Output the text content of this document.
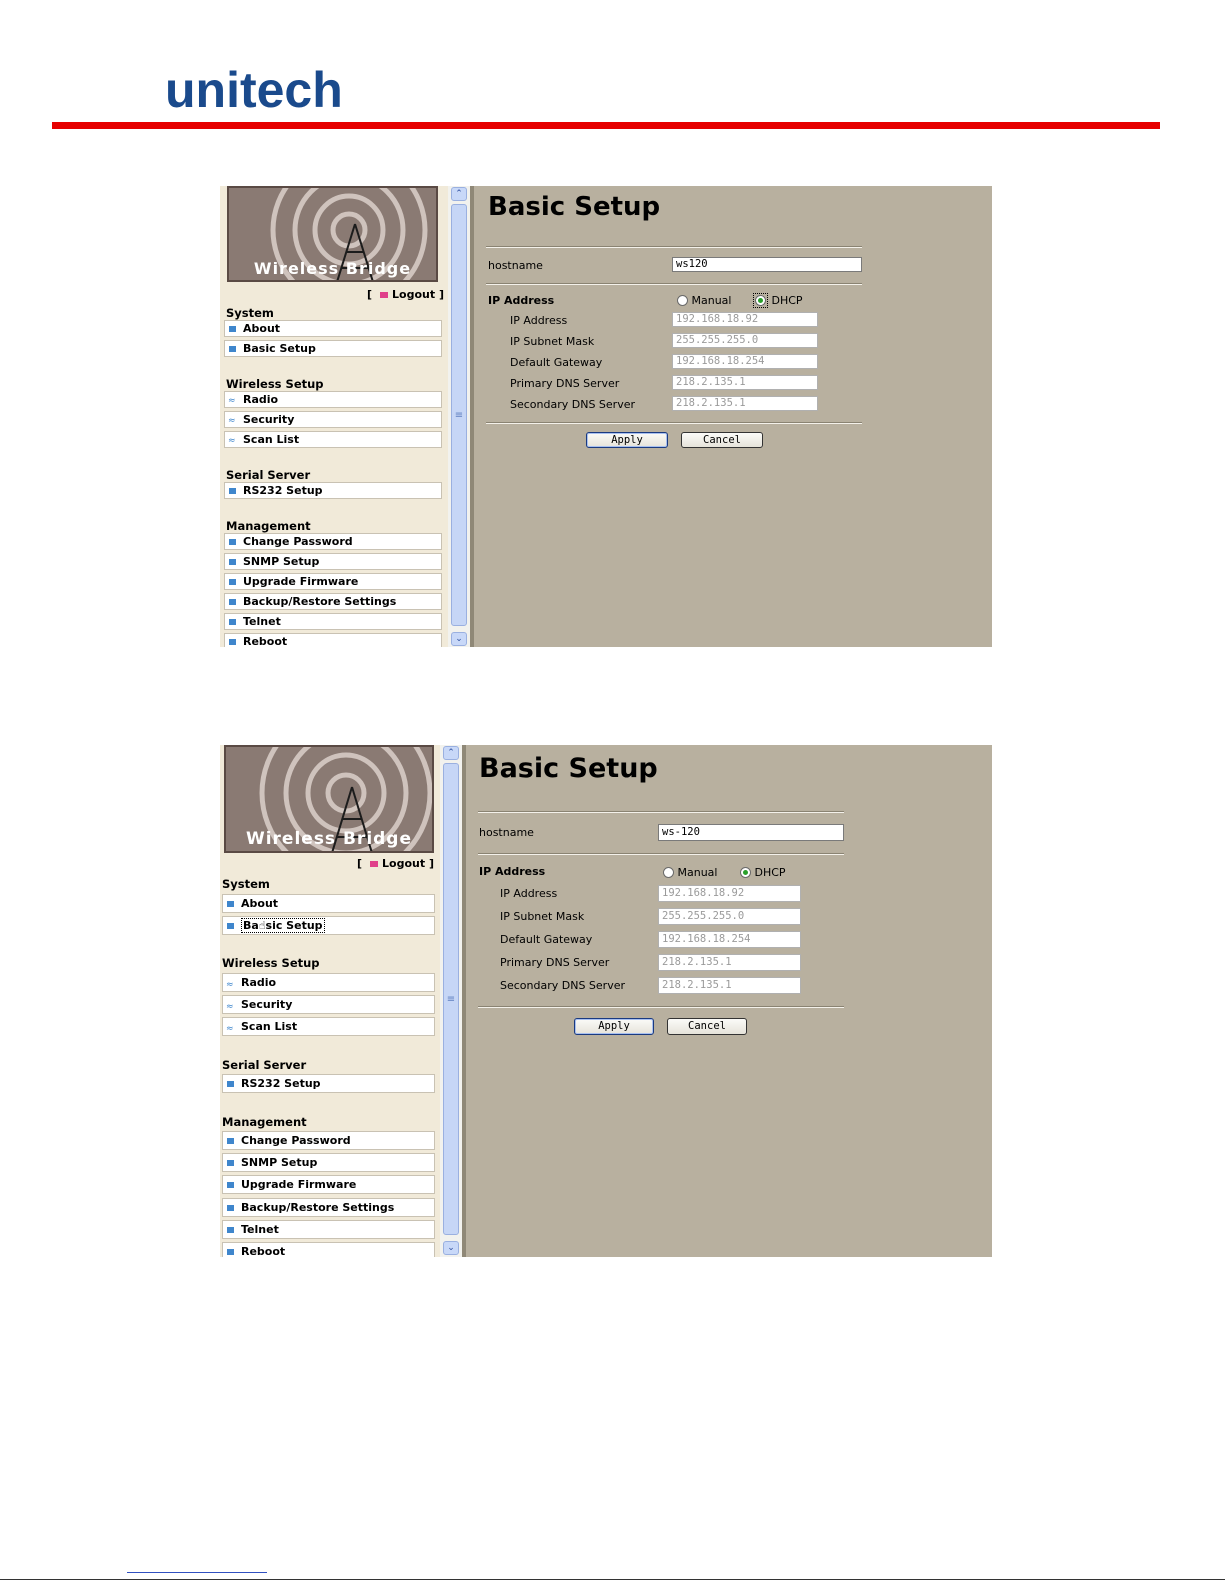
unitech
Wireless Bridge
[ Logout ]
System
About
Basic Setup
Wireless Setup
≈ Radio
≈ Security
≈ Scan List
Serial Server
RS232 Setup
Management
Change Password
SNMP Setup
Upgrade Firmware
Backup/Restore Settings
Telnet
Reboot
⌃
≡
⌄
Basic Setup
hostname	ws120
IP Address	Manual	DHCP
IP Address	192.168.18.92
IP Subnet Mask	255.255.255.0
Default Gateway	192.168.18.254
Primary DNS Server	218.2.135.1
Secondary DNS Server	218.2.135.1
Apply	Cancel
Wireless Bridge
[ Logout ]
System
About
Ba☝sic Setup
Wireless Setup
≈ Radio
≈ Security
≈ Scan List
Serial Server
RS232 Setup
Management
Change Password
SNMP Setup
Upgrade Firmware
Backup/Restore Settings
Telnet
Reboot
⌃
≡
⌄
Basic Setup
hostname	ws-120
IP Address	Manual	DHCP
IP Address	192.168.18.92
IP Subnet Mask	255.255.255.0
Default Gateway	192.168.18.254
Primary DNS Server	218.2.135.1
Secondary DNS Server	218.2.135.1
Apply	Cancel
